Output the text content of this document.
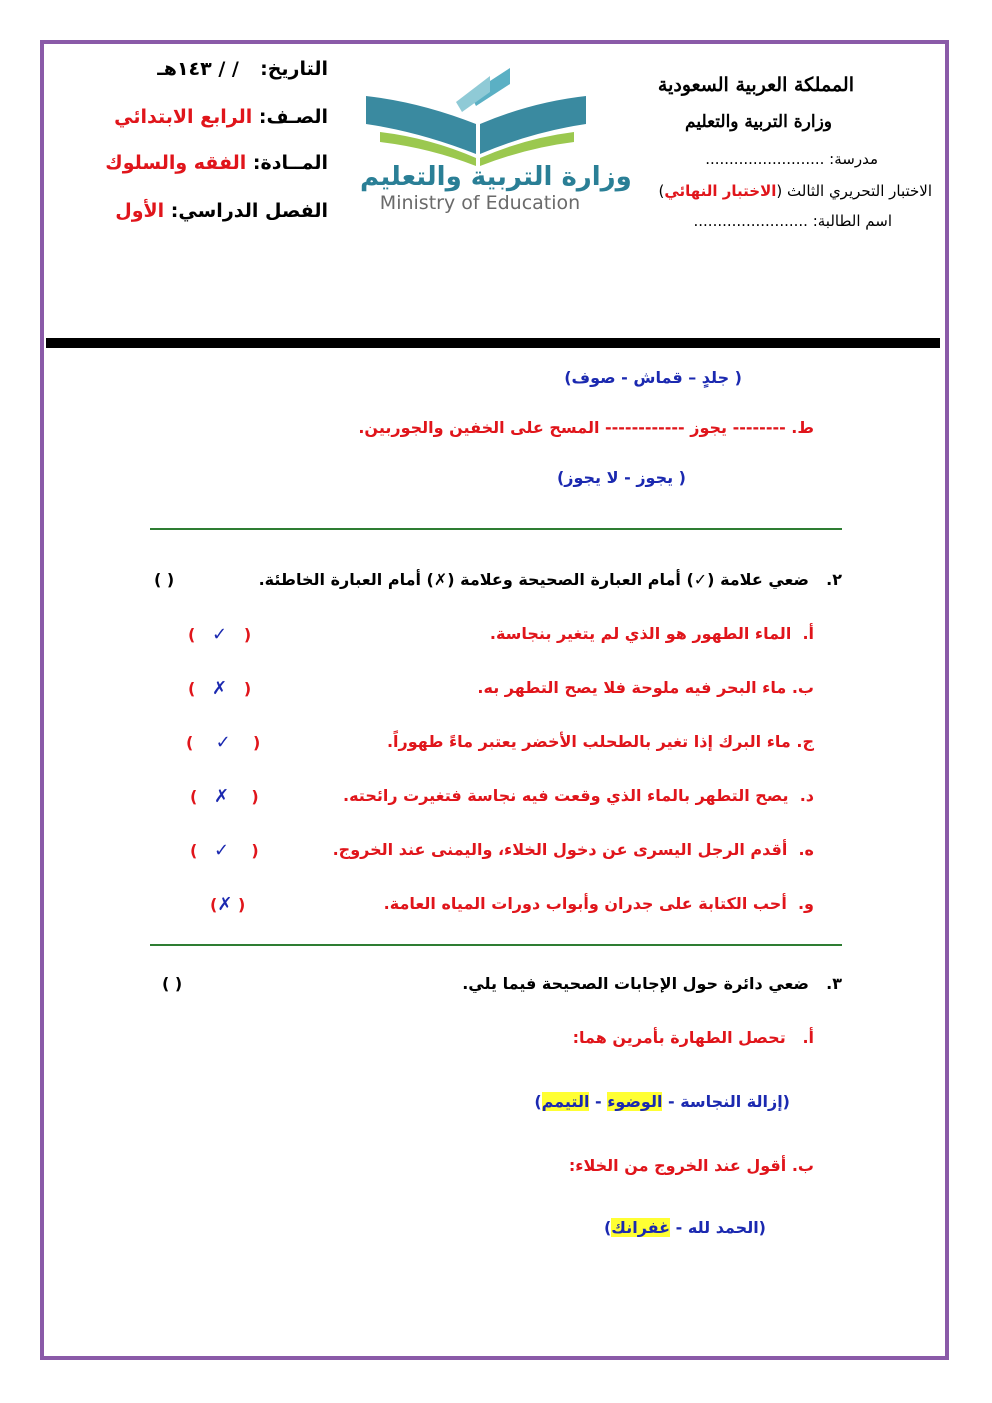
التاريخ:  / / ١٤٣هـ
الصـف: الرابع الابتدائي
المــادة: الفقه والسلوك
الفصل الدراسي: الأول
وزارة التربية والتعليم
Ministry of Education
المملكة العربية السعودية
وزارة التربية والتعليم
مدرسة: .........................
الاختبار التحريري الثالث (الاختبار النهائي)
اسم الطالبة: ........................
( جلدٍ – قماش - صوف)
ط. -------- يجوز ------------ المسح على الخفين والجوربين.
( يجوز - لا يجوز)
٢.  ضعي علامة (✓) أمام العبارة الصحيحة وعلامة (✗) أمام العبارة الخاطئة.
( )
أ.  الماء الطهور هو الذي لم يتغير بنجاسة.
(   ✓   )
ب. ماء البحر فيه ملوحة فلا يصح التطهر به.
(   ✗   )
ج. ماء البرك إذا تغير بالطحلب الأخضر يعتبر ماءً طهوراً.
(    ✓    )
د.  يصح التطهر بالماء الذي وقعت فيه نجاسة فتغيرت رائحته.
(   ✗    )
ه.  أقدم الرجل اليسرى عن دخول الخلاء، واليمنى عند الخروج.
(   ✓    )
و.  أحب الكتابة على جدران وأبواب دورات المياه العامة.
(✗ )
٣.  ضعي دائرة حول الإجابات الصحيحة فيما يلي.
( )
أ.   تحصل الطهارة بأمرين هما:
(إزالة النجاسة - الوضوء - التيمم)
ب. أقول عند الخروج من الخلاء:
(الحمد لله - غفرانك)
